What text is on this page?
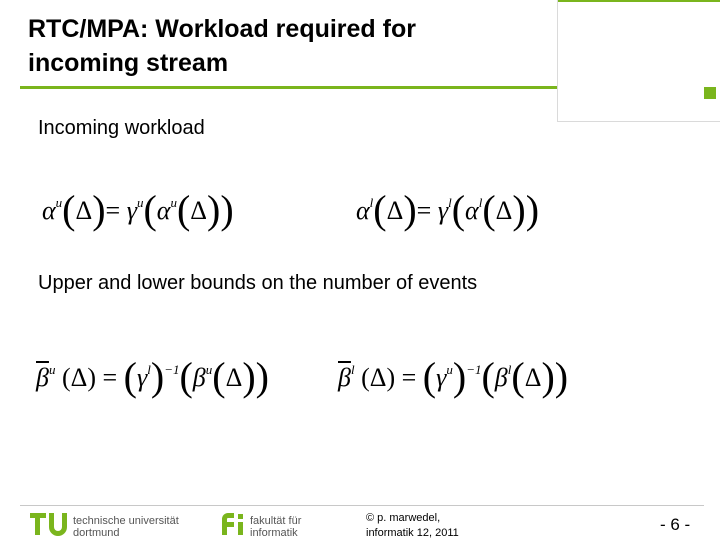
RTC/MPA: Workload required for
incoming stream
Incoming workload
$\alpha^u(\Delta)= \gamma^u(\alpha^u(\Delta))$	$\alpha^l(\Delta)= \gamma^l(\alpha^l(\Delta))$
Upper and lower bounds on the number of events
$\overline{\beta}^u$ $(\Delta) = (\gamma^l)^{-1}(\beta^u(\Delta))$	$\overline{\beta}^l$ $(\Delta) = (\gamma^u)^{-1}(\beta^l(\Delta))$
technische universität
dortmund
fakultät für
informatik
© p. marwedel,
informatik 12, 2011	- 6 -
